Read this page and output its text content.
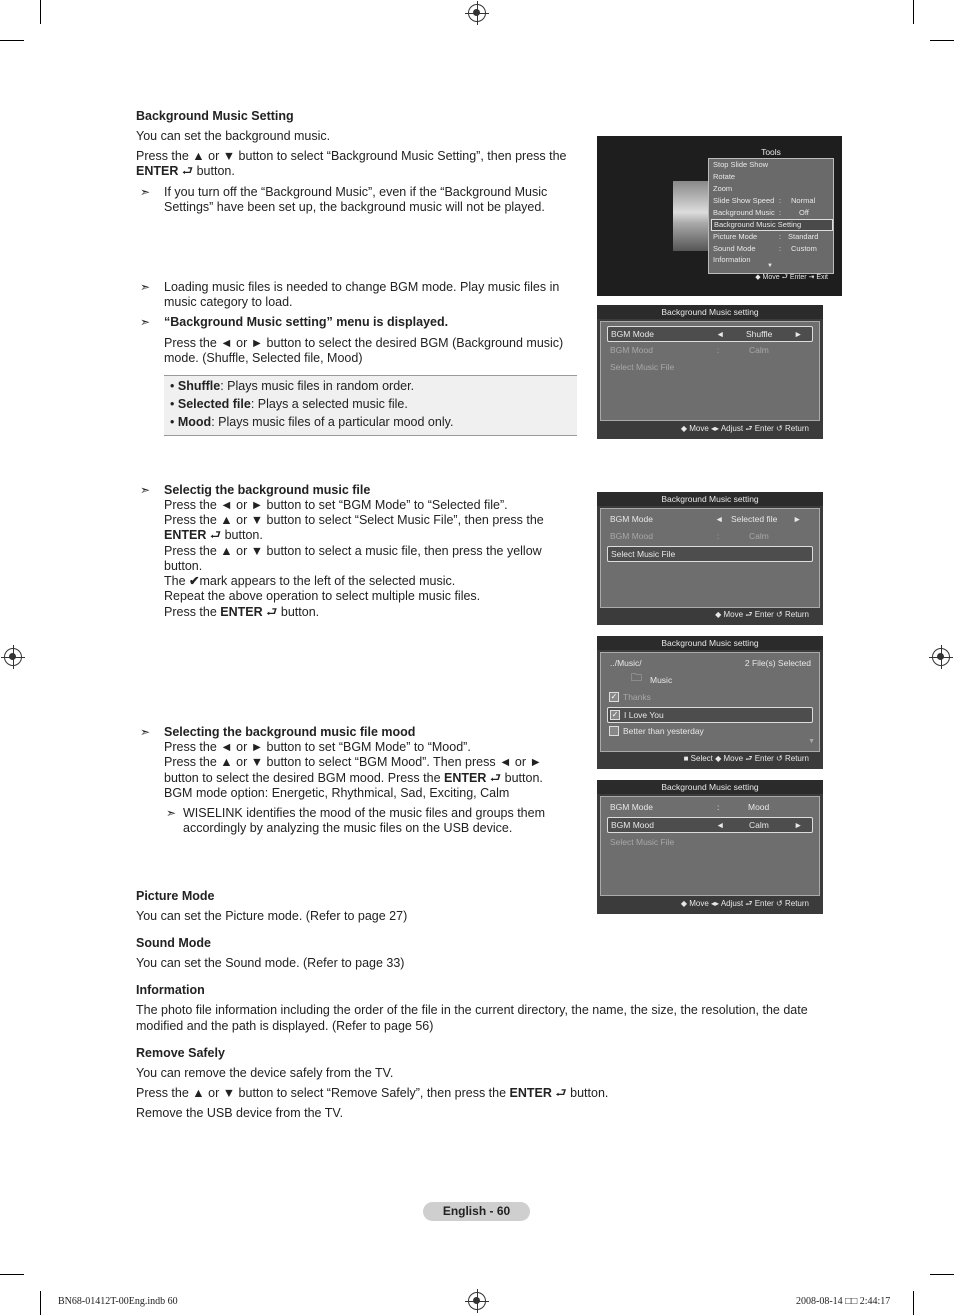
Background Music Setting
You can set the background music.
Press the ▲ or ▼ button to select “Background Music Setting”, then press the
ENTER ⮐ button.
➣ If you turn off the “Background Music”, even if the “Background Music
Settings” have been set up, the background music will not be played.
➣ Loading music files is needed to change BGM mode. Play music files in
music category to load.
➣ “Background Music setting” menu is displayed.
Press the ◄ or ► button to select the desired BGM (Background music)
mode. (Shuffle, Selected file, Mood)
• Shuffle: Plays music files in random order.
• Selected file: Plays a selected music file.
• Mood: Plays music files of a particular mood only.
➣ Selectig the background music file
Press the ◄ or ► button to set “BGM Mode” to “Selected file”.
Press the ▲ or ▼ button to select “Select Music File”, then press the
ENTER ⮐ button.
Press the ▲ or ▼ button to select a music file, then press the yellow
button.
The ✔mark appears to the left of the selected music.
Repeat the above operation to select multiple music files.
Press the ENTER ⮐ button.
➣ Selecting the background music file mood
Press the ◄ or ► button to set “BGM Mode” to “Mood”.
Press the ▲ or ▼ button to select “BGM Mood”. Then press ◄ or ►
button to select the desired BGM mood. Press the ENTER ⮐ button.
BGM mode option: Energetic, Rhythmical, Sad, Exciting, Calm
➣ WISELINK identifies the mood of the music files and groups them
accordingly by analyzing the music files on the USB device.
Picture Mode
You can set the Picture mode. (Refer to page 27)
Sound Mode
You can set the Sound mode. (Refer to page 33)
Information
The photo file information including the order of the file in the current directory, the name, the size, the resolution, the date
modified and the path is displayed. (Refer to page 56)
Remove Safely
You can remove the device safely from the TV.
Press the ▲ or ▼ button to select “Remove Safely”, then press the ENTER ⮐ button.
Remove the USB device from the TV.
Tools
Stop Slide Show
Rotate
Zoom
Slide Show Speed : Normal
Background Music : Off
Background Music Setting
Picture Mode	: Standard
Sound Mode	: Custom
Information
▼
◆ Move ⮐ Enter ⇥ Exit
Background Music setting
BGM Mode	◄	Shuffle	►
BGM Mood	:	Calm
Select Music File
◆ Move ◂▸ Adjust ⮐ Enter ↺ Return
Background Music setting
BGM Mode	◄ Selected file ►
BGM Mood	:	Calm
Select Music File
◆ Move ⮐ Enter ↺ Return
Background Music setting
../Music/	2 File(s) Selected
🗀 Music
✓ Thanks
✓ I Love You
Better than yesterday
▼
■ Select ◆ Move ⮐ Enter ↺ Return
Background Music setting
BGM Mode	:	Mood
BGM Mood	◄	Calm	►
Select Music File
◆ Move ◂▸ Adjust ⮐ Enter ↺ Return
English - 60
BN68-01412T-00Eng.indb 60	2008-08-14 □□ 2:44:17
